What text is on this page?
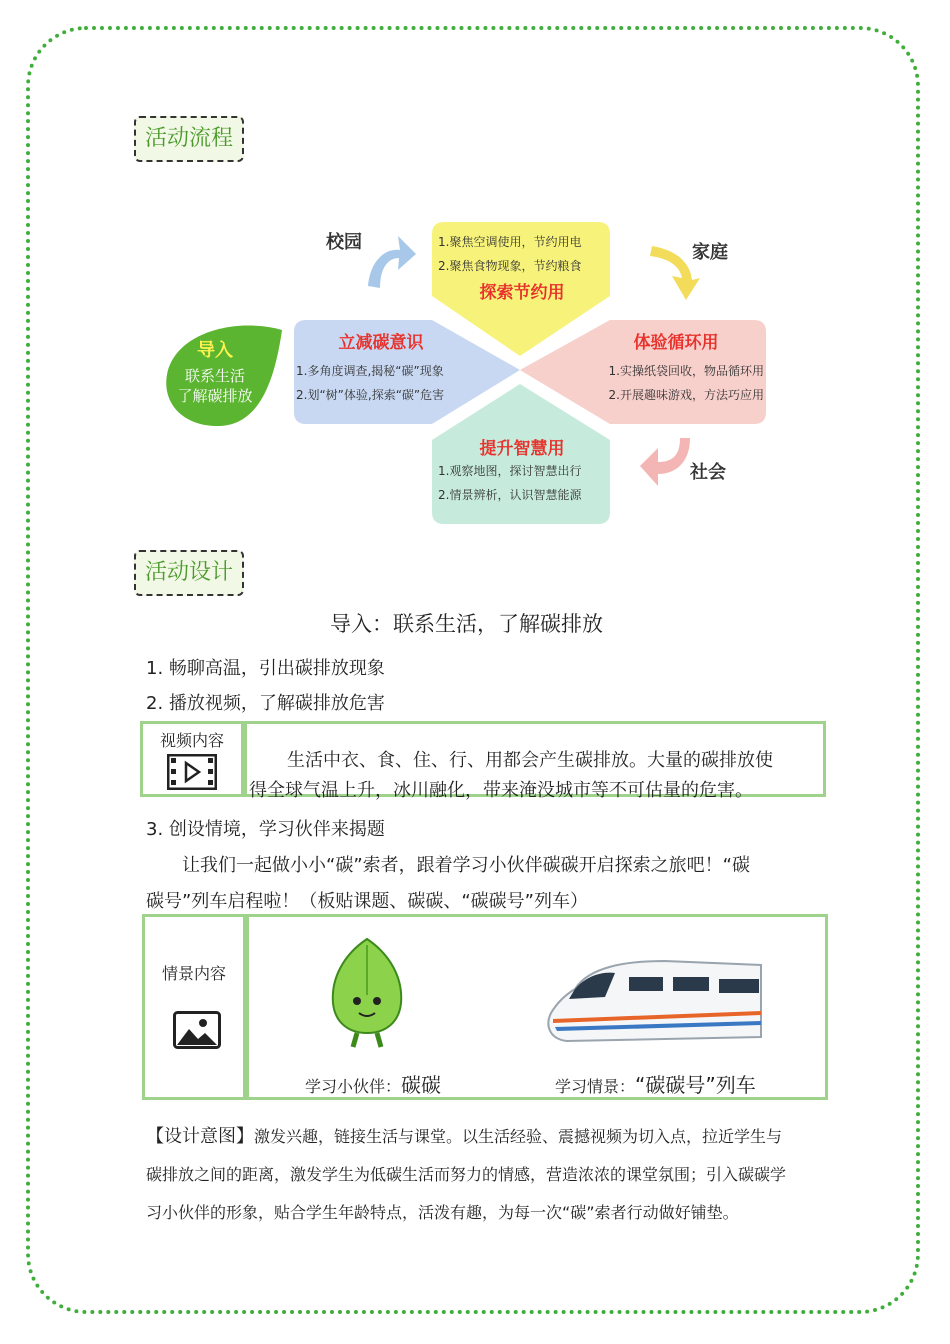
活动流程
校园	家庭
社会
导入
联系生活
了解碳排放
1.聚焦空调使用，节约用电
2.聚焦食物现象，节约粮食
探索节约用
立减碳意识
1.多角度调查,揭秘“碳”现象
2.划“树”体验,探索“碳”危害
体验循环用
1.实操纸袋回收，物品循环用
2.开展趣味游戏，方法巧应用
提升智慧用
1.观察地图，探讨智慧出行
2.情景辨析，认识智慧能源
活动设计
导入：联系生活，了解碳排放
1. 畅聊高温，引出碳排放现象
2. 播放视频，了解碳排放危害
视频内容
生活中衣、食、住、行、用都会产生碳排放。大量的碳排放使
得全球气温上升，冰川融化，带来淹没城市等不可估量的危害。
3. 创设情境，学习伙伴来揭题
让我们一起做小小“碳”索者，跟着学习小伙伴碳碳开启探索之旅吧！“碳
碳号”列车启程啦！（板贴课题、碳碳、“碳碳号”列车）
情景内容
学习小伙伴：碳碳	学习情景：“碳碳号”列车
【设计意图】激发兴趣，链接生活与课堂。以生活经验、震撼视频为切入点，拉近学生与
碳排放之间的距离，激发学生为低碳生活而努力的情感，营造浓浓的课堂氛围；引入碳碳学
习小伙伴的形象，贴合学生年龄特点，活泼有趣，为每一次“碳”索者行动做好铺垫。
